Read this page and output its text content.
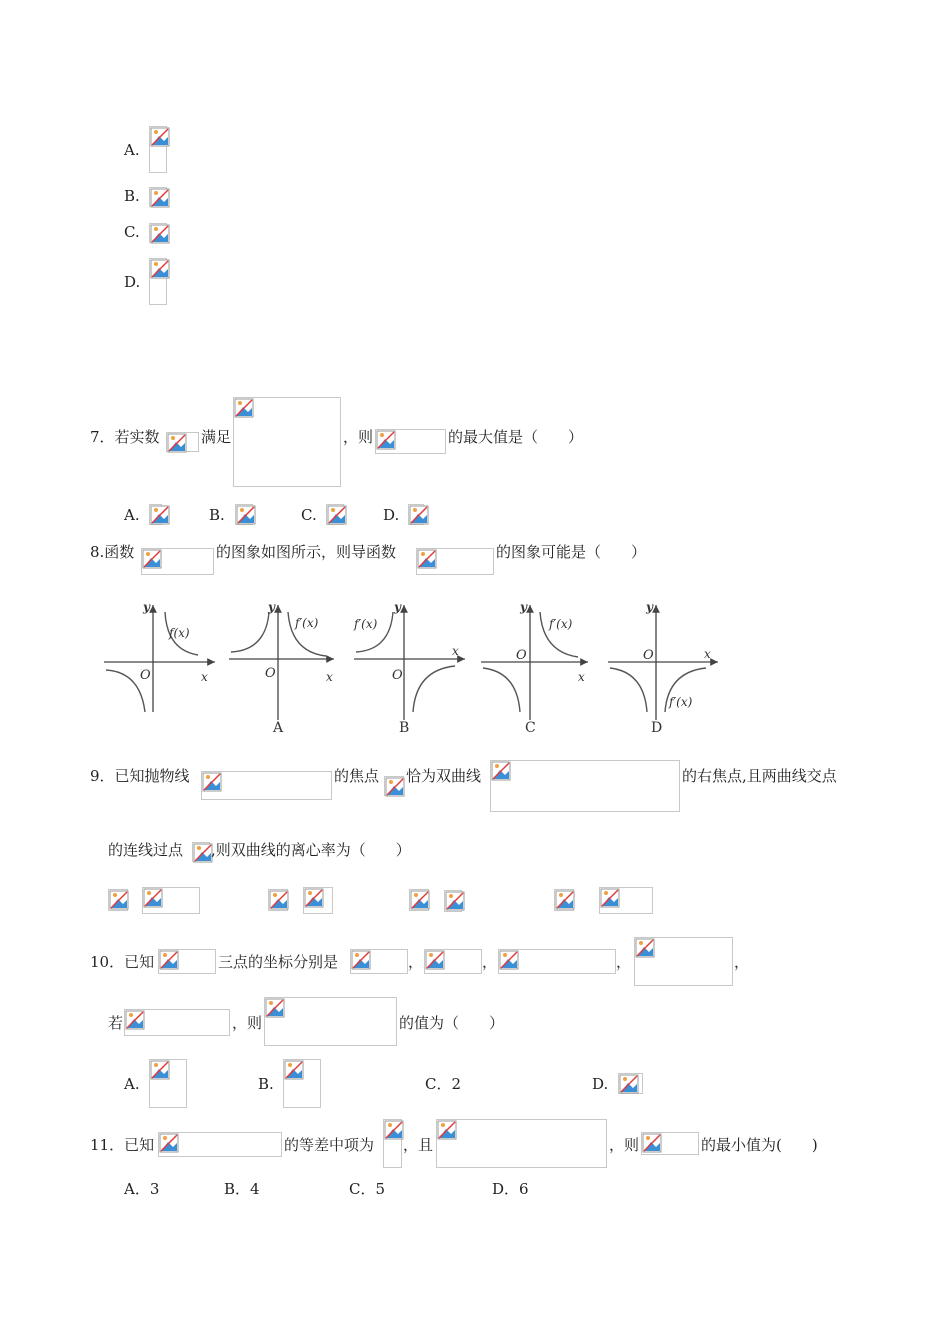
A.
B.
C.
D.
7．若实数	满足	，则	的最大值是（　　）
A.	B.	C.	D.
8.函数	的图象如图所示，则导函数	的图象可能是（　　）
y
f(x)
O	x
y
f′(x)
O	x
A
y
f′(x)
O
x
B
y
f′(x)
O
x
C
y
f′(x)
O	x
D
9．已知抛物线	的焦点 恰为双曲线	的右焦点,且两曲线交点
的连线过点 ,则双曲线的离心率为（　　）
10．已知	三点的坐标分别是	，	，	，	，
若	，则	的值为（　　）
A.	B.	C．2	D.
11．已知	的等差中项为 ，且	，则	的最小值为(　　)
A．3	B．4	C．5	D．6
